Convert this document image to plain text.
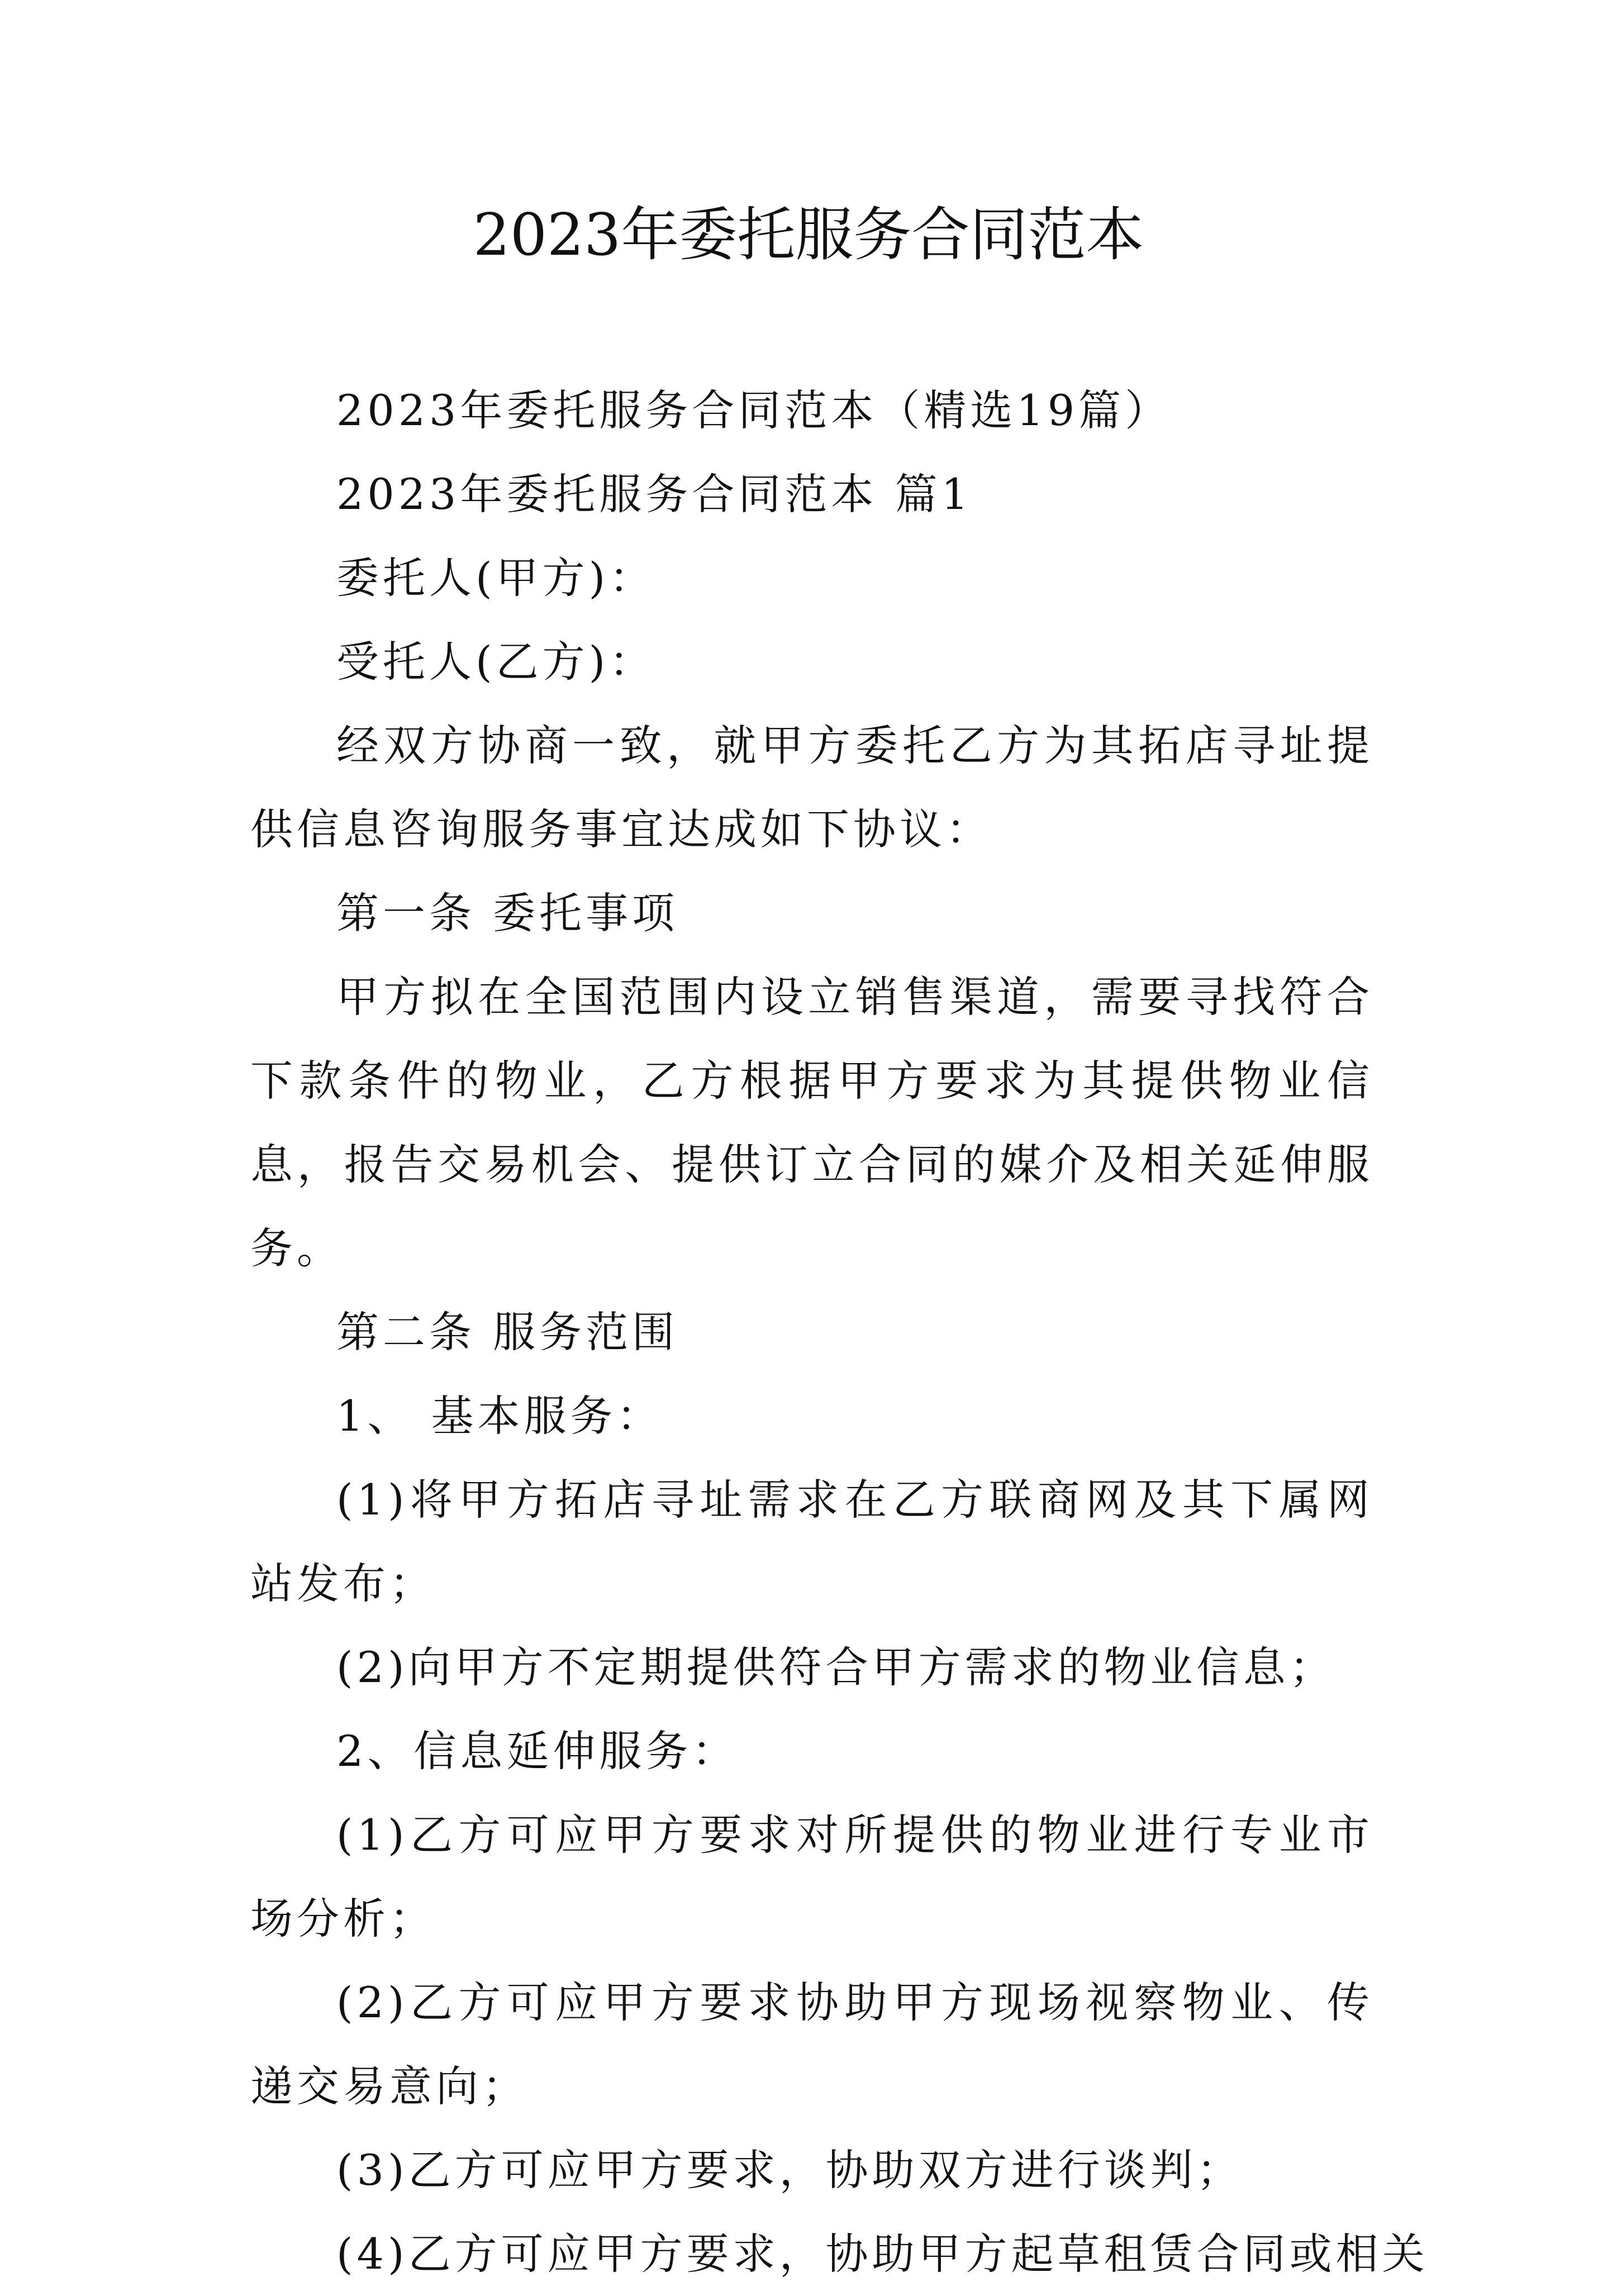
2023年委托服务合同范本

2023年委托服务合同范本（精选19篇）

2023年委托服务合同范本 篇1

委托人(甲方)：

受托人(乙方)：

经双方协商一致，就甲方委托乙方为其拓店寻址提供信息咨询服务事宜达成如下协议：

第一条 委托事项

甲方拟在全国范围内设立销售渠道，需要寻找符合下款条件的物业，乙方根据甲方要求为其提供物业信息，报告交易机会、提供订立合同的媒介及相关延伸服务。

第二条 服务范围

1、 基本服务：

(1)将甲方拓店寻址需求在乙方联商网及其下属网站发布；

(2)向甲方不定期提供符合甲方需求的物业信息；

2、信息延伸服务：

(1)乙方可应甲方要求对所提供的物业进行专业市场分析；

(2)乙方可应甲方要求协助甲方现场视察物业、传递交易意向；

(3)乙方可应甲方要求，协助双方进行谈判；

(4)乙方可应甲方要求，协助甲方起草租赁合同或相关
